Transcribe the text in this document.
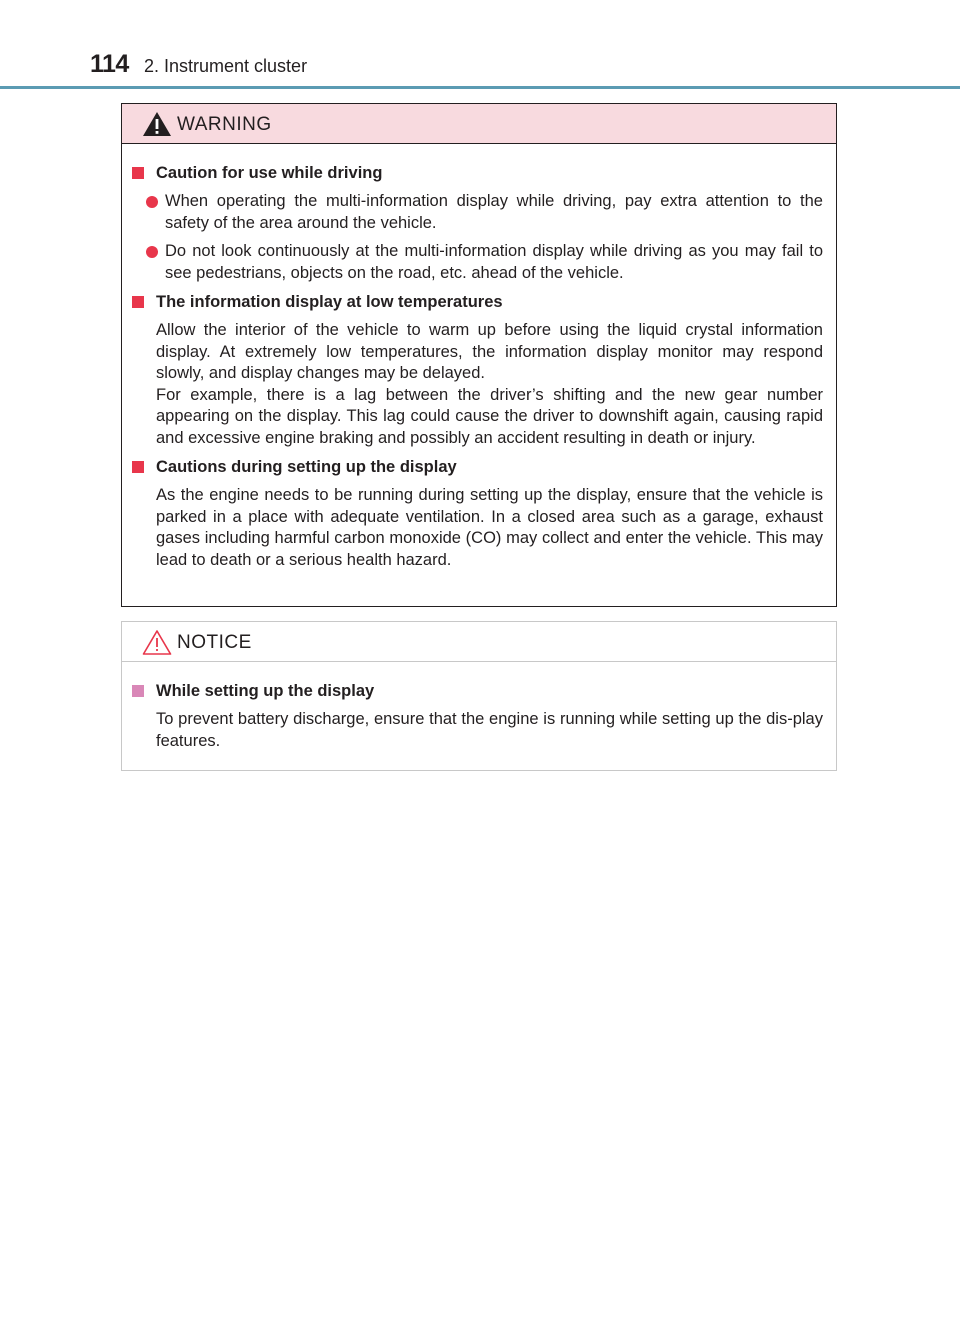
114 2. Instrument cluster
WARNING
Caution for use while driving
When operating the multi-information display while driving, pay extra attention to the safety of the area around the vehicle.
Do not look continuously at the multi-information display while driving as you may fail to see pedestrians, objects on the road, etc. ahead of the vehicle.
The information display at low temperatures
Allow the interior of the vehicle to warm up before using the liquid crystal information display. At extremely low temperatures, the information display monitor may respond slowly, and display changes may be delayed.
For example, there is a lag between the driver’s shifting and the new gear number appearing on the display. This lag could cause the driver to downshift again, causing rapid and excessive engine braking and possibly an accident resulting in death or injury.
Cautions during setting up the display
As the engine needs to be running during setting up the display, ensure that the vehicle is parked in a place with adequate ventilation. In a closed area such as a garage, exhaust gases including harmful carbon monoxide (CO) may collect and enter the vehicle. This may lead to death or a serious health hazard.
NOTICE
While setting up the display
To prevent battery discharge, ensure that the engine is running while setting up the dis-play features.
